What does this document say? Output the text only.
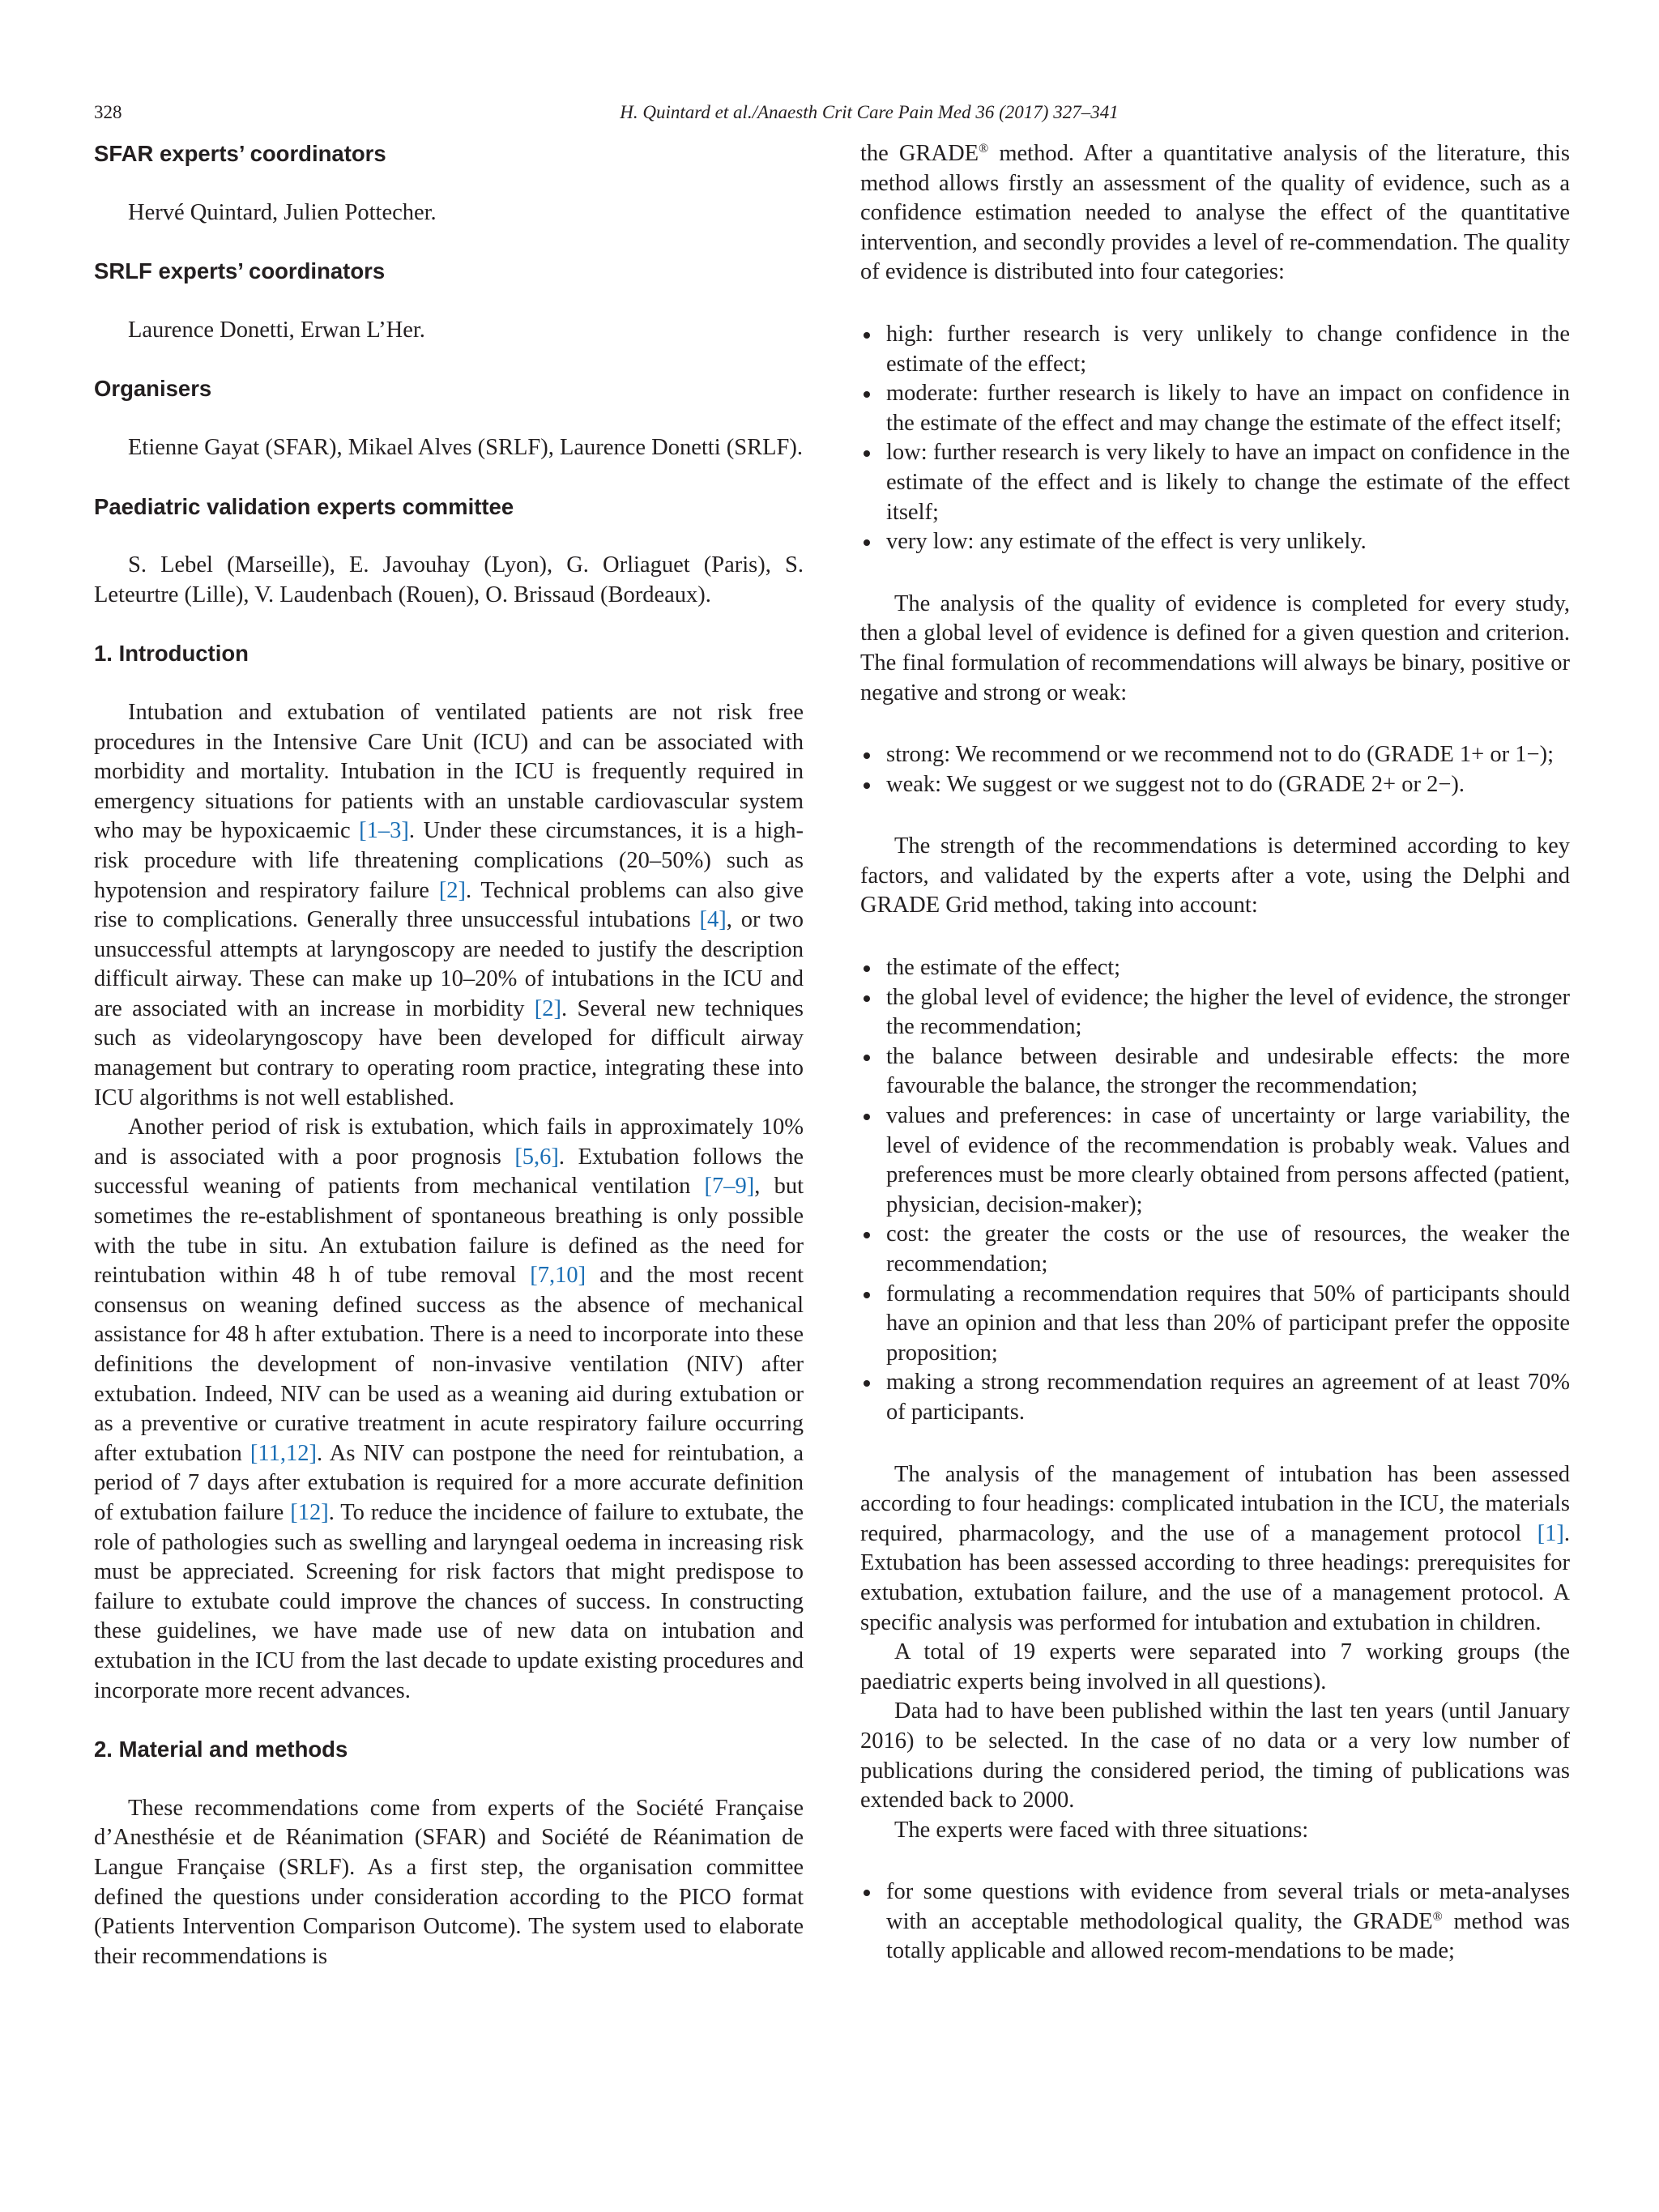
328	H. Quintard et al./Anaesth Crit Care Pain Med 36 (2017) 327–341
SFAR experts’ coordinators

Hervé Quintard, Julien Pottecher.

SRLF experts’ coordinators

Laurence Donetti, Erwan L’Her.

Organisers

Etienne Gayat (SFAR), Mikael Alves (SRLF), Laurence Donetti (SRLF).

Paediatric validation experts committee

S. Lebel (Marseille), E. Javouhay (Lyon), G. Orliaguet (Paris), S. Leteurtre (Lille), V. Laudenbach (Rouen), O. Brissaud (Bordeaux).

1. Introduction

Intubation and extubation of ventilated patients are not risk free procedures in the Intensive Care Unit (ICU) and can be associated with morbidity and mortality. Intubation in the ICU is frequently required in emergency situations for patients with an unstable cardiovascular system who may be hypoxicaemic [1–3]. Under these circumstances, it is a high-risk procedure with life threatening complications (20–50%) such as hypotension and respiratory failure [2]. Technical problems can also give rise to complications. Generally three unsuccessful intubations [4], or two unsuccessful attempts at laryngoscopy are needed to justify the description difficult airway. These can make up 10–20% of intubations in the ICU and are associated with an increase in morbidity [2]. Several new techniques such as videolaryngoscopy have been developed for difficult airway management but contrary to operating room practice, integrating these into ICU algorithms is not well established.

Another period of risk is extubation, which fails in approximately 10% and is associated with a poor prognosis [5,6]. Extubation follows the successful weaning of patients from mechanical ventilation [7–9], but sometimes the re-establishment of spontaneous breathing is only possible with the tube in situ. An extubation failure is defined as the need for reintubation within 48 h of tube removal [7,10] and the most recent consensus on weaning defined success as the absence of mechanical assistance for 48 h after extubation. There is a need to incorporate into these definitions the development of non-invasive ventilation (NIV) after extubation. Indeed, NIV can be used as a weaning aid during extubation or as a preventive or curative treatment in acute respiratory failure occurring after extubation [11,12]. As NIV can postpone the need for reintubation, a period of 7 days after extubation is required for a more accurate definition of extubation failure [12]. To reduce the incidence of failure to extubate, the role of pathologies such as swelling and laryngeal oedema in increasing risk must be appreciated. Screening for risk factors that might predispose to failure to extubate could improve the chances of success. In constructing these guidelines, we have made use of new data on intubation and extubation in the ICU from the last decade to update existing procedures and incorporate more recent advances.

2. Material and methods

These recommendations come from experts of the Société Française d’Anesthésie et de Réanimation (SFAR) and Société de Réanimation de Langue Française (SRLF). As a first step, the organisation committee defined the questions under consideration according to the PICO format (Patients Intervention Comparison Outcome). The system used to elaborate their recommendations is

the GRADE® method. After a quantitative analysis of the literature, this method allows firstly an assessment of the quality of evidence, such as a confidence estimation needed to analyse the effect of the quantitative intervention, and secondly provides a level of re-commendation. The quality of evidence is distributed into four categories:

high: further research is very unlikely to change confidence in the estimate of the effect;
moderate: further research is likely to have an impact on confidence in the estimate of the effect and may change the estimate of the effect itself;
low: further research is very likely to have an impact on confidence in the estimate of the effect and is likely to change the estimate of the effect itself;
very low: any estimate of the effect is very unlikely.

The analysis of the quality of evidence is completed for every study, then a global level of evidence is defined for a given question and criterion. The final formulation of recommendations will always be binary, positive or negative and strong or weak:

strong: We recommend or we recommend not to do (GRADE 1+ or 1−);
weak: We suggest or we suggest not to do (GRADE 2+ or 2−).

The strength of the recommendations is determined according to key factors, and validated by the experts after a vote, using the Delphi and GRADE Grid method, taking into account:

the estimate of the effect;
the global level of evidence; the higher the level of evidence, the stronger the recommendation;
the balance between desirable and undesirable effects: the more favourable the balance, the stronger the recommendation;
values and preferences: in case of uncertainty or large variability, the level of evidence of the recommendation is probably weak. Values and preferences must be more clearly obtained from persons affected (patient, physician, decision-maker);
cost: the greater the costs or the use of resources, the weaker the recommendation;
formulating a recommendation requires that 50% of participants should have an opinion and that less than 20% of participant prefer the opposite proposition;
making a strong recommendation requires an agreement of at least 70% of participants.

The analysis of the management of intubation has been assessed according to four headings: complicated intubation in the ICU, the materials required, pharmacology, and the use of a management protocol [1]. Extubation has been assessed according to three headings: prerequisites for extubation, extubation failure, and the use of a management protocol. A specific analysis was performed for intubation and extubation in children.

A total of 19 experts were separated into 7 working groups (the paediatric experts being involved in all questions).

Data had to have been published within the last ten years (until January 2016) to be selected. In the case of no data or a very low number of publications during the considered period, the timing of publications was extended back to 2000.

The experts were faced with three situations:

for some questions with evidence from several trials or meta-analyses with an acceptable methodological quality, the GRADE® method was totally applicable and allowed recom-mendations to be made;
